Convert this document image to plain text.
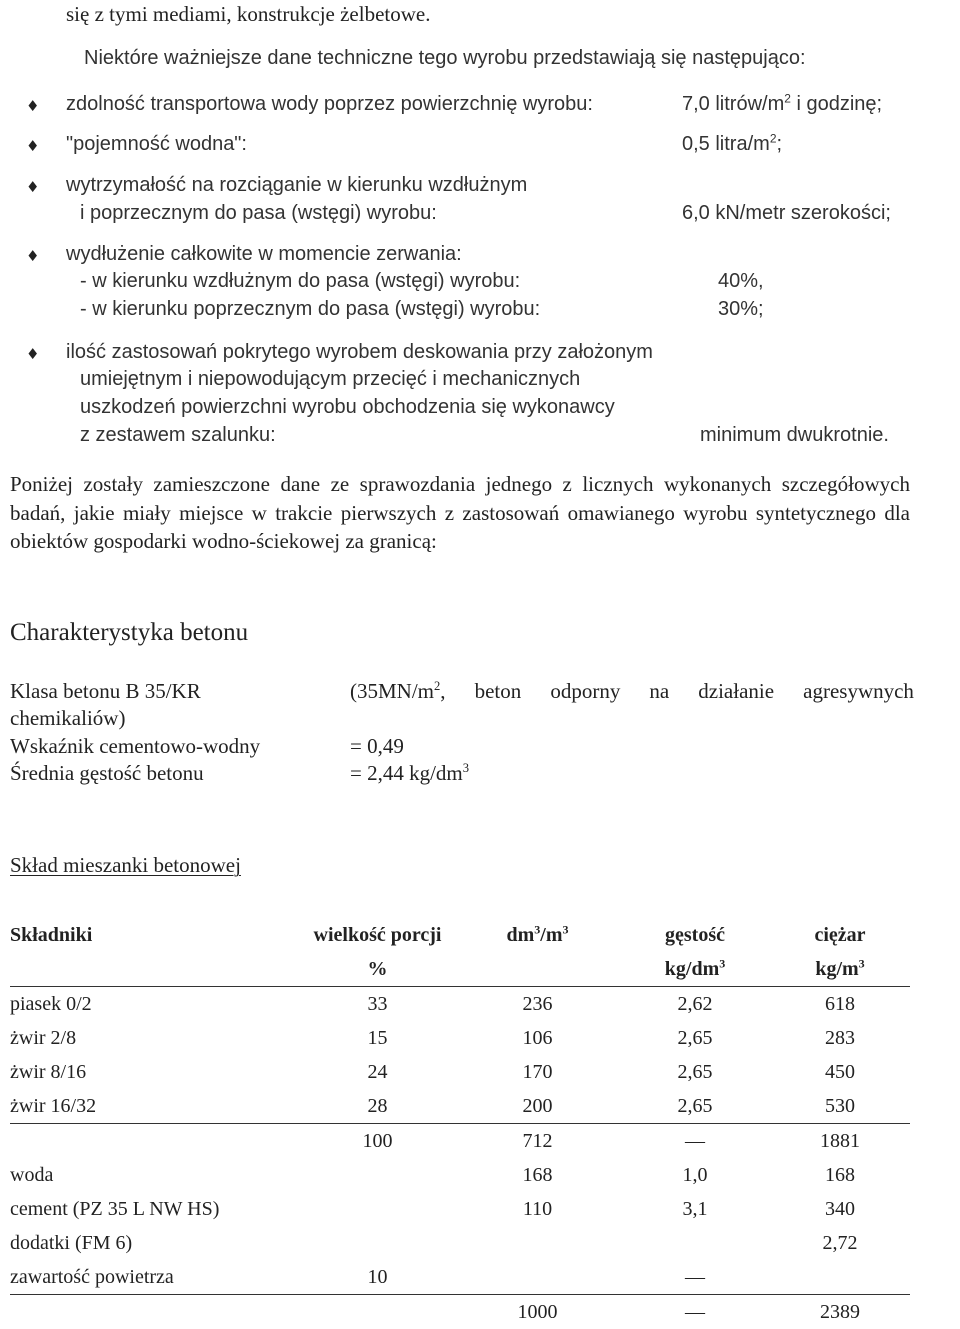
się z tymi mediami, konstrukcje żelbetowe.
Niektóre ważniejsze dane techniczne tego wyrobu przedstawiają się następująco:
♦ zdolność transportowa wody poprzez powierzchnię wyrobu:	7,0 litrów/$m^2$ i godzinę;
♦ "pojemność wodna":	0,5 litra/$m^2$;
♦ wytrzymałość na rozciąganie w kierunku wzdłużnym
i poprzecznym do pasa (wstęgi) wyrobu:	6,0 kN/metr szerokości;
♦ wydłużenie całkowite w momencie zerwania:
- w kierunku wzdłużnym do pasa (wstęgi) wyrobu:	40%,
- w kierunku poprzecznym do pasa (wstęgi) wyrobu:	30%;
♦ ilość zastosowań pokrytego wyrobem deskowania przy założonym
umiejętnym i niepowodującym przecięć i mechanicznych
uszkodzeń powierzchni wyrobu obchodzenia się wykonawcy
z zestawem szalunku:	minimum dwukrotnie.
Poniżej zostały zamieszczone dane ze sprawozdania jednego z licznych wykonanych szczegółowych badań, jakie miały miejsce w trakcie pierwszych z zastosowań omawianego wyrobu syntetycznego dla obiektów gospodarki wodno-ściekowej za granicą:
Charakterystyka betonu
Klasa betonu B 35/KR	($35MN/m^2$, beton odporny na działanie agresywnych
chemikaliów)
Wskaźnik cementowo-wodny	= 0,49
Średnia gęstość betonu	= 2,44 $kg/dm^3$
Skład mieszanki betonowej
Składniki	wielkość porcji	$dm^3/m^3$	gęstość	ciężar
	%		$kg/dm^3$	$kg/m^3$
piasek 0/2	33	236	2,62	618
żwir 2/8	15	106	2,65	283
żwir 8/16	24	170	2,65	450
żwir 16/32	28	200	2,65	530
	100	712	—	1881
woda		168	1,0	168
cement (PZ 35 L NW HS)		110	3,1	340
dodatki (FM 6)				2,72
zawartość powietrza	10		—	
		1000	—	2389
